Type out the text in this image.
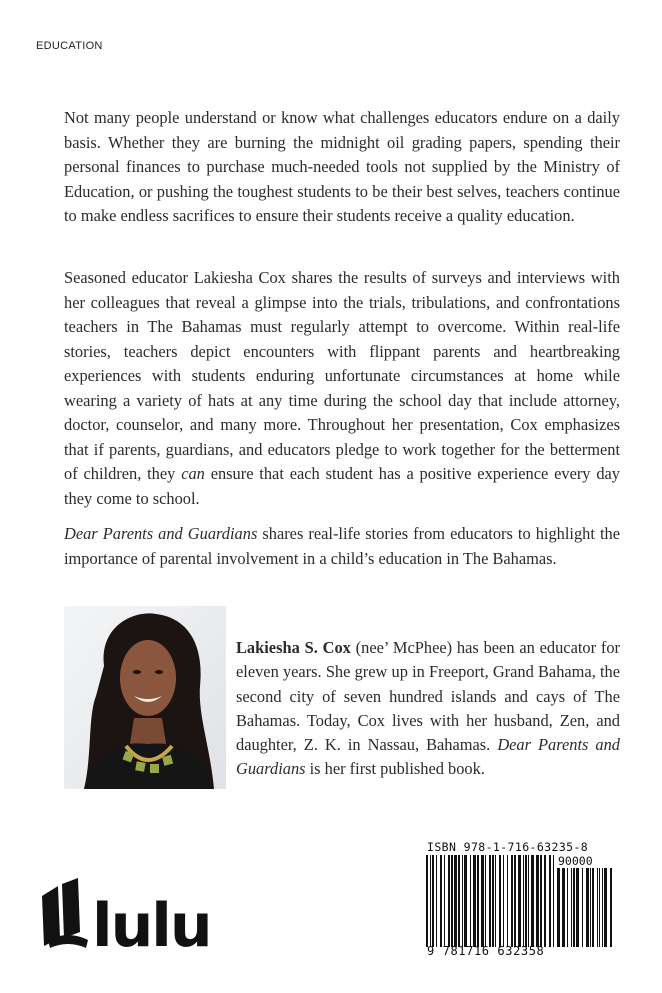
EDUCATION

Not many people understand or know what challenges educators endure on a daily basis. Whether they are burning the midnight oil grading papers, spending their personal finances to purchase much-needed tools not supplied by the Ministry of Education, or pushing the toughest students to be their best selves, teachers continue to make endless sacrifices to ensure their students receive a quality education.

Seasoned educator Lakiesha Cox shares the results of surveys and interviews with her colleagues that reveal a glimpse into the trials, tribulations, and confrontations teachers in The Bahamas must regularly attempt to overcome. Within real-life stories, teachers depict encounters with flippant parents and heartbreaking experiences with students enduring unfortunate circumstances at home while wearing a variety of hats at any time during the school day that include attorney, doctor, counselor, and many more. Throughout her presentation, Cox emphasizes that if parents, guardians, and educators pledge to work together for the betterment of children, they can ensure that each student has a positive experience every day they come to school.

Dear Parents and Guardians shares real-life stories from educators to highlight the importance of parental involvement in a child’s education in The Bahamas.

Lakiesha S. Cox (nee’ McPhee) has been an educator for eleven years. She grew up in Freeport, Grand Bahama, the second city of seven hundred islands and cays of The Bahamas. Today, Cox lives with her husband, Zen, and daughter, Z. K. in Nassau, Bahamas. Dear Parents and Guardians is her first published book.

lulu
ISBN 978-1-716-63235-8
90000
9 781716 632358
